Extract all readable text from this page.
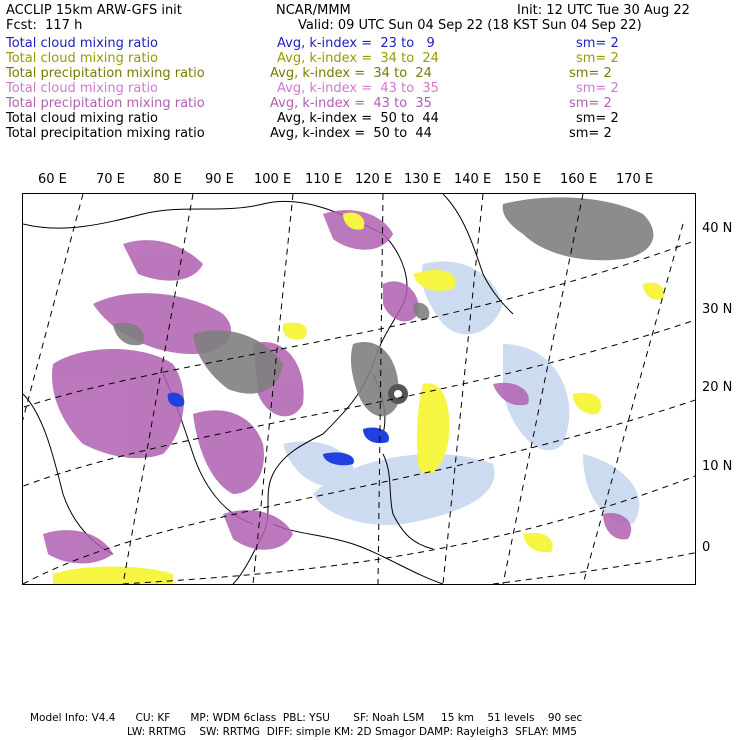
ACCLIP 15km ARW-GFS init	NCAR/MMM	Init: 12 UTC Tue 30 Aug 22
Fcst:  117 h	Valid: 09 UTC Sun 04 Sep 22 (18 KST Sun 04 Sep 22)
Total cloud mixing ratio	Avg, k-index =  23 to   9	sm= 2
Total cloud mixing ratio	Avg, k-index =  34 to  24	sm= 2
Total precipitation mixing ratio	Avg, k-index =  34 to  24	sm= 2
Total cloud mixing ratio	Avg, k-index =  43 to  35	sm= 2
Total precipitation mixing ratio	Avg, k-index =  43 to  35	sm= 2
Total cloud mixing ratio	Avg, k-index =  50 to  44	sm= 2
Total precipitation mixing ratio	Avg, k-index =  50 to  44	sm= 2
60 E 70 E 80 E 90 E 100 E 110 E 120 E 130 E 140 E 150 E 160 E 170 E
40 N
30 N
20 N
10 N
0
Model Info: V4.4      CU: KF      MP: WDM 6class  PBL: YSU       SF: Noah LSM     15 km    51 levels    90 sec
LW: RRTMG    SW: RRTMG  DIFF: simple KM: 2D Smagor DAMP: Rayleigh3  SFLAY: MM5
